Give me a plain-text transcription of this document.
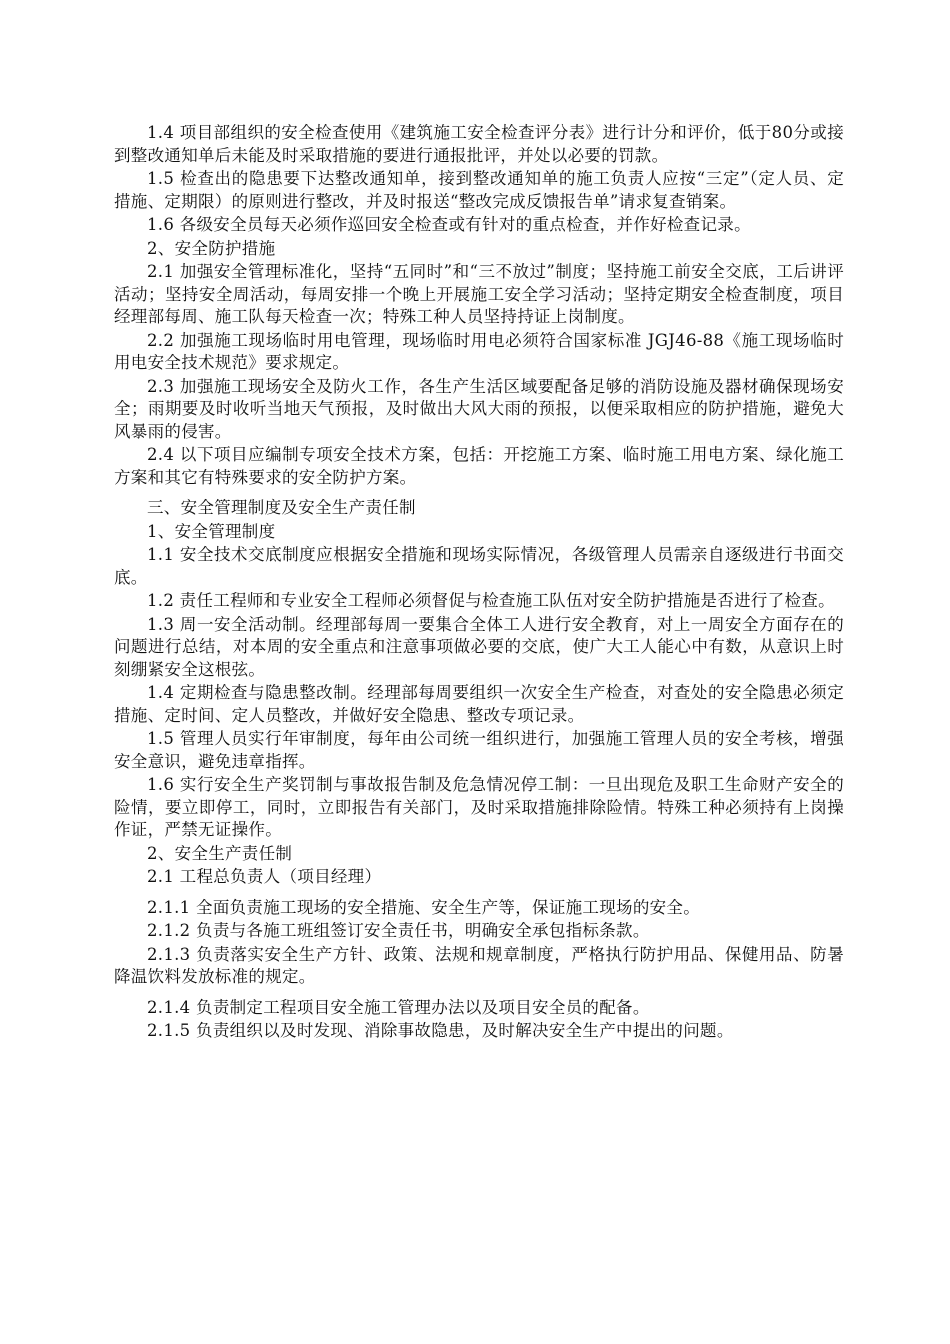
1.4 项目部组织的安全检查使用《建筑施工安全检查评分表》进行计分和评价，低于80分或接到整改通知单后未能及时采取措施的要进行通报批评，并处以必要的罚款。

1.5 检查出的隐患要下达整改通知单，接到整改通知单的施工负责人应按“三定”（定人员、定措施、定期限）的原则进行整改，并及时报送“整改完成反馈报告单”请求复查销案。

1.6 各级安全员每天必须作巡回安全检查或有针对的重点检查，并作好检查记录。

2、安全防护措施

2.1 加强安全管理标准化，坚持“五同时”和“三不放过”制度；坚持施工前安全交底，工后讲评活动；坚持安全周活动，每周安排一个晚上开展施工安全学习活动；坚持定期安全检查制度，项目经理部每周、施工队每天检查一次；特殊工种人员坚持持证上岗制度。

2.2 加强施工现场临时用电管理，现场临时用电必须符合国家标准 JGJ46-88《施工现场临时用电安全技术规范》要求规定。

2.3 加强施工现场安全及防火工作，各生产生活区域要配备足够的消防设施及器材确保现场安全；雨期要及时收听当地天气预报，及时做出大风大雨的预报，以便采取相应的防护措施，避免大风暴雨的侵害。

2.4 以下项目应编制专项安全技术方案，包括：开挖施工方案、临时施工用电方案、绿化施工方案和其它有特殊要求的安全防护方案。

三、安全管理制度及安全生产责任制

1、安全管理制度

1.1 安全技术交底制度应根据安全措施和现场实际情况，各级管理人员需亲自逐级进行书面交底。

1.2 责任工程师和专业安全工程师必须督促与检查施工队伍对安全防护措施是否进行了检查。

1.3 周一安全活动制。经理部每周一要集合全体工人进行安全教育，对上一周安全方面存在的问题进行总结，对本周的安全重点和注意事项做必要的交底，使广大工人能心中有数，从意识上时刻绷紧安全这根弦。

1.4 定期检查与隐患整改制。经理部每周要组织一次安全生产检查，对查处的安全隐患必须定措施、定时间、定人员整改，并做好安全隐患、整改专项记录。

1.5 管理人员实行年审制度，每年由公司统一组织进行，加强施工管理人员的安全考核，增强安全意识，避免违章指挥。

1.6 实行安全生产奖罚制与事故报告制及危急情况停工制：一旦出现危及职工生命财产安全的险情，要立即停工，同时，立即报告有关部门，及时采取措施排除险情。特殊工种必须持有上岗操作证，严禁无证操作。

2、安全生产责任制

2.1 工程总负责人（项目经理）

2.1.1 全面负责施工现场的安全措施、安全生产等，保证施工现场的安全。

2.1.2 负责与各施工班组签订安全责任书，明确安全承包指标条款。

2.1.3 负责落实安全生产方针、政策、法规和规章制度，严格执行防护用品、保健用品、防暑降温饮料发放标准的规定。

2.1.4 负责制定工程项目安全施工管理办法以及项目安全员的配备。

2.1.5 负责组织以及时发现、消除事故隐患，及时解决安全生产中提出的问题。
